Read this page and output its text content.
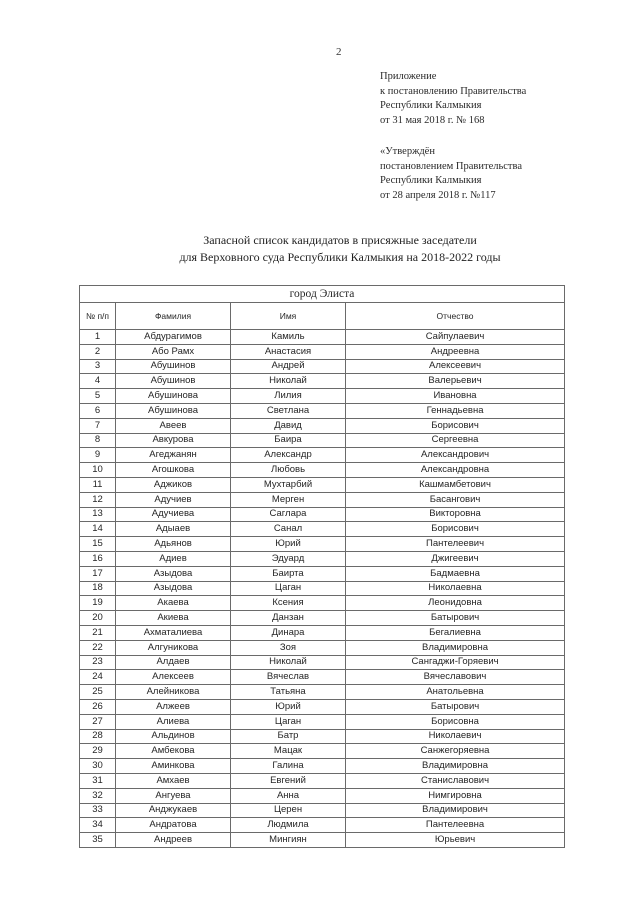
2
Приложение
к постановлению Правительства
Республики Калмыкия
от 31 мая 2018 г. № 168
«Утверждён
постановлением Правительства
Республики Калмыкия
от 28 апреля 2018 г. №117
Запасной список кандидатов в присяжные заседатели
для Верховного суда Республики Калмыкия на 2018-2022 годы
город Элиста			
№ п/п	Фамилия	Имя	Отчество
1	Абдурагимов	Камиль	Сайпулаевич
2	Або Рамх	Анастасия	Андреевна
3	Абушинов	Андрей	Алексеевич
4	Абушинов	Николай	Валерьевич
5	Абушинова	Лилия	Ивановна
6	Абушинова	Светлана	Геннадьевна
7	Авеев	Давид	Борисович
8	Авкурова	Баира	Сергеевна
9	Агеджанян	Александр	Александрович
10	Агошкова	Любовь	Александровна
11	Аджиков	Мухтарбий	Кашмамбетович
12	Адучиев	Мерген	Басангович
13	Адучиева	Саглара	Викторовна
14	Адыаев	Санал	Борисович
15	Адьянов	Юрий	Пантелеевич
16	Адиев	Эдуард	Джигеевич
17	Азыдова	Баирта	Бадмаевна
18	Азыдова	Цаган	Николаевна
19	Акаева	Ксения	Леонидовна
20	Акиева	Данзан	Батырович
21	Ахматалиева	Динара	Бегалиевна
22	Алгуникова	Зоя	Владимировна
23	Алдаев	Николай	Сангаджи-Горяевич
24	Алексеев	Вячеслав	Вячеславович
25	Алейникова	Татьяна	Анатольевна
26	Алжеев	Юрий	Батырович
27	Алиева	Цаган	Борисовна
28	Альдинов	Батр	Николаевич
29	Амбекова	Мацак	Санжегоряевна
30	Аминкова	Галина	Владимировна
31	Амхаев	Евгений	Станиславович
32	Ангуева	Анна	Нимгировна
33	Анджукаев	Церен	Владимирович
34	Андратова	Людмила	Пантелеевна
35	Андреев	Мингиян	Юрьевич
